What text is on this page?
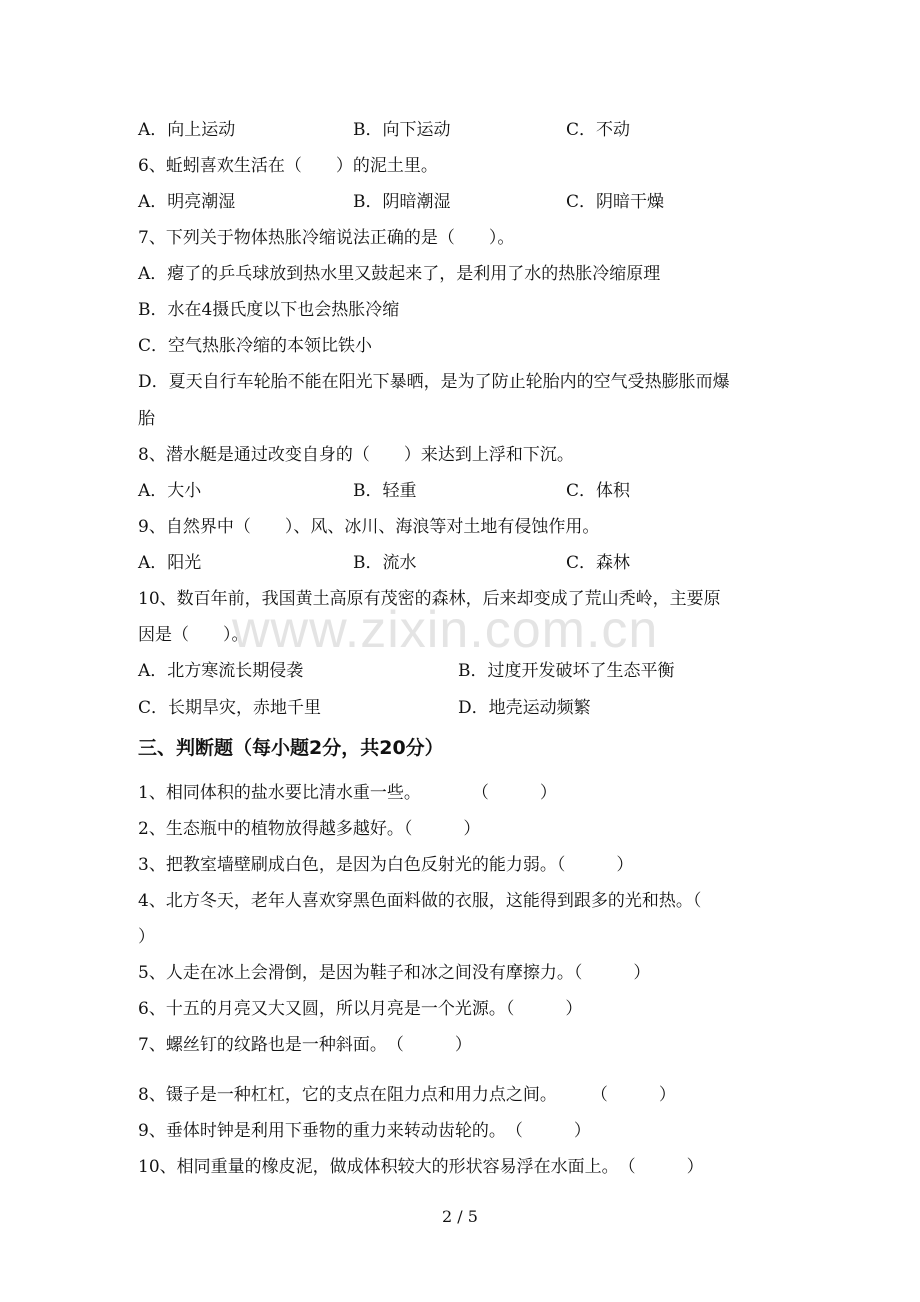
www.zixin.com.cn
A．向上运动	B．向下运动	C．不动
6、蚯蚓喜欢生活在（　　）的泥土里。
A．明亮潮湿	B．阴暗潮湿	C．阴暗干燥
7、下列关于物体热胀冷缩说法正确的是（　　）。
A．瘪了的乒乓球放到热水里又鼓起来了，是利用了水的热胀冷缩原理
B．水在4摄氏度以下也会热胀冷缩
C．空气热胀冷缩的本领比铁小
D．夏天自行车轮胎不能在阳光下暴晒，是为了防止轮胎内的空气受热膨胀而爆
胎
8、潜水艇是通过改变自身的（　　）来达到上浮和下沉。
A．大小	B．轻重	C．体积
9、自然界中（　　）、风、冰川、海浪等对土地有侵蚀作用。
A．阳光	B．流水	C．森林
10、数百年前，我国黄土高原有茂密的森林，后来却变成了荒山秃岭，主要原
因是（　　）。
A．北方寒流长期侵袭	B．过度开发破坏了生态平衡
C．长期旱灾，赤地千里	D．地壳运动频繁
三、判断题（每小题2分，共20分）
1、相同体积的盐水要比清水重一些。　　　　（　　　）
2、生态瓶中的植物放得越多越好。（　　　）
3、把教室墙壁刷成白色，是因为白色反射光的能力弱。（　　　）
4、北方冬天，老年人喜欢穿黑色面料做的衣服，这能得到跟多的光和热。（
）
5、人走在冰上会滑倒，是因为鞋子和冰之间没有摩擦力。（　　　）
6、十五的月亮又大又圆，所以月亮是一个光源。（　　　）
7、螺丝钉的纹路也是一种斜面。　（　　　）
8、镊子是一种杠杠，它的支点在阻力点和用力点之间。　　　（　　　）
9、垂体时钟是利用下垂物的重力来转动齿轮的。　（　　　）
10、相同重量的橡皮泥，做成体积较大的形状容易浮在水面上。　（　　　）
2 / 5
